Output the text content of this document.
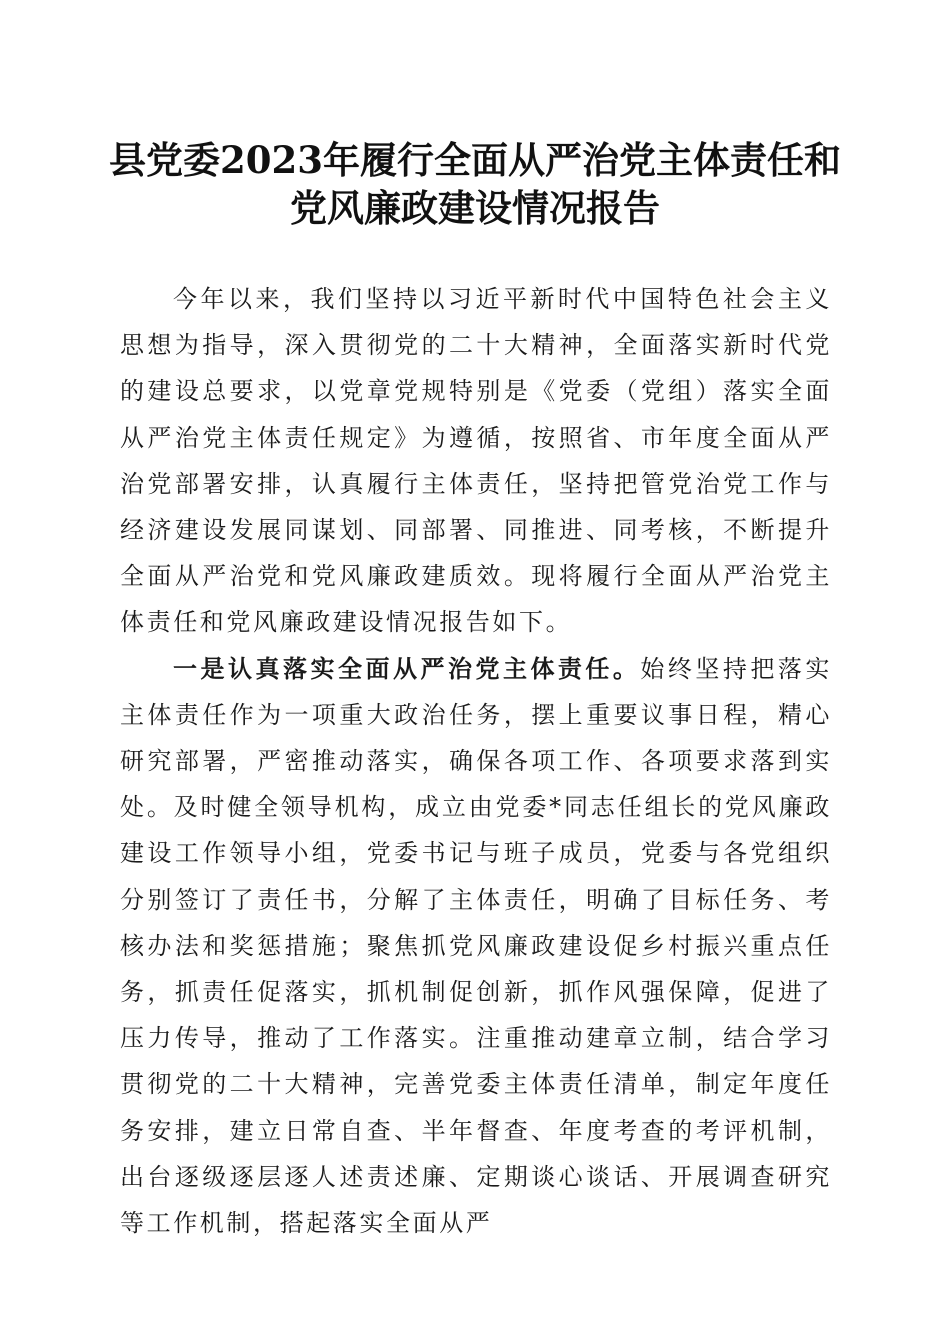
县党委2023年履行全面从严治党主体责任和
党风廉政建设情况报告

今年以来，我们坚持以习近平新时代中国特色社会主义思想为指导，深入贯彻党的二十大精神，全面落实新时代党的建设总要求，以党章党规特别是《党委（党组）落实全面从严治党主体责任规定》为遵循，按照省、市年度全面从严治党部署安排，认真履行主体责任，坚持把管党治党工作与经济建设发展同谋划、同部署、同推进、同考核，不断提升全面从严治党和党风廉政建质效。现将履行全面从严治党主体责任和党风廉政建设情况报告如下。

一是认真落实全面从严治党主体责任。始终坚持把落实主体责任作为一项重大政治任务，摆上重要议事日程，精心研究部署，严密推动落实，确保各项工作、各项要求落到实处。及时健全领导机构，成立由党委*同志任组长的党风廉政建设工作领导小组，党委书记与班子成员，党委与各党组织分别签订了责任书，分解了主体责任，明确了目标任务、考核办法和奖惩措施；聚焦抓党风廉政建设促乡村振兴重点任务，抓责任促落实，抓机制促创新，抓作风强保障，促进了压力传导，推动了工作落实。注重推动建章立制，结合学习贯彻党的二十大精神，完善党委主体责任清单，制定年度任务安排，建立日常自查、半年督查、年度考查的考评机制，出台逐级逐层逐人述责述廉、定期谈心谈话、开展调查研究等工作机制，搭起落实全面从严
